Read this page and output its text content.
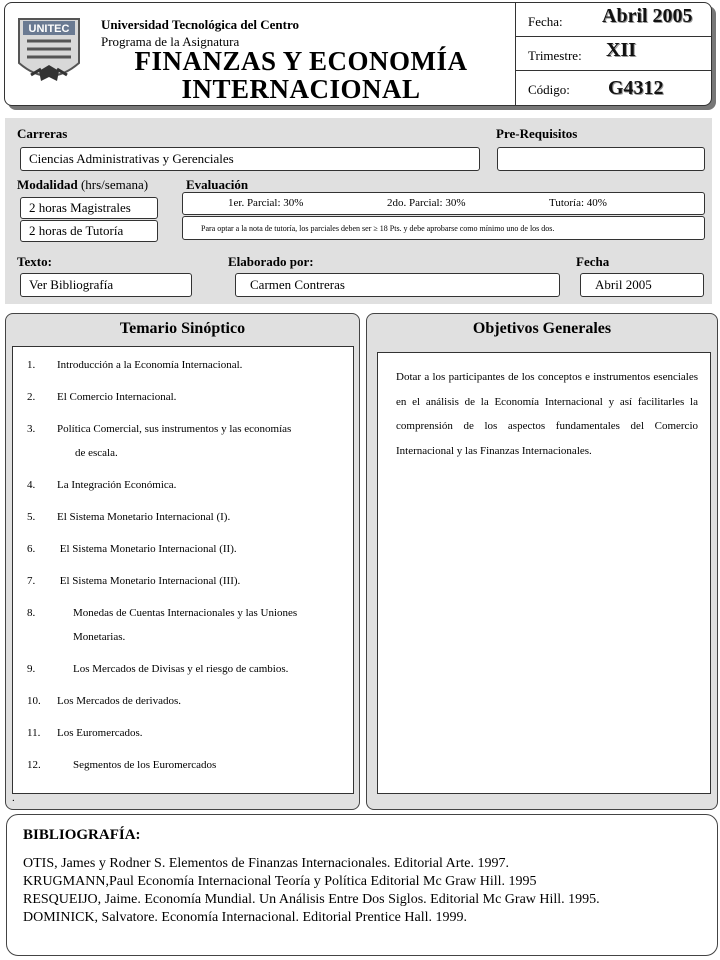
UNITEC Universidad Tecnológica del Centro
Programa de la Asignatura
FINANZAS Y ECONOMÍA
INTERNACIONAL
Fecha: Abril 2005
Trimestre: XII
Código: G4312
Carreras	Pre-Requisitos
Ciencias Administrativas y Gerenciales
Modalidad (hrs/semana)	Evaluación
2 horas Magistrales
2 horas de Tutoría
1er. Parcial: 30%	2do. Parcial: 30%	Tutoría: 40%
Para optar a la nota de tutoría, los parciales deben ser ≥ 18 Pts. y debe aprobarse como mínimo uno de los dos.
Texto:	Elaborado por:	Fecha
Ver Bibliografía	Carmen Contreras	Abril 2005
Temario Sinóptico
1. Introducción a la Economía Internacional.
2. El Comercio Internacional.
3. Política Comercial, sus instrumentos y las economías
de escala.
4. La Integración Económica.
5. El Sistema Monetario Internacional (I).
6. El Sistema Monetario Internacional (II).
7. El Sistema Monetario Internacional (III).
8.	Monedas de Cuentas Internacionales y las Uniones
Monetarias.
9.	Los Mercados de Divisas y el riesgo de cambios.
10. Los Mercados de derivados.
11. Los Euromercados.
12.	Segmentos de los Euromercados
.
Objetivos Generales
Dotar a los participantes de los conceptos e instrumentos esenciales en el análisis de la Economía Internacional y así facilitarles la comprensión de los aspectos fundamentales del Comercio Internacional y las Finanzas Internacionales.
BIBLIOGRAFÍA:
OTIS, James y Rodner S. Elementos de Finanzas Internacionales. Editorial Arte. 1997.
KRUGMANN,Paul Economía Internacional Teoría y Política Editorial Mc Graw Hill. 1995
RESQUEIJO, Jaime. Economía Mundial. Un Análisis Entre Dos Siglos. Editorial Mc Graw Hill. 1995.
DOMINICK, Salvatore. Economía Internacional. Editorial Prentice Hall. 1999.
